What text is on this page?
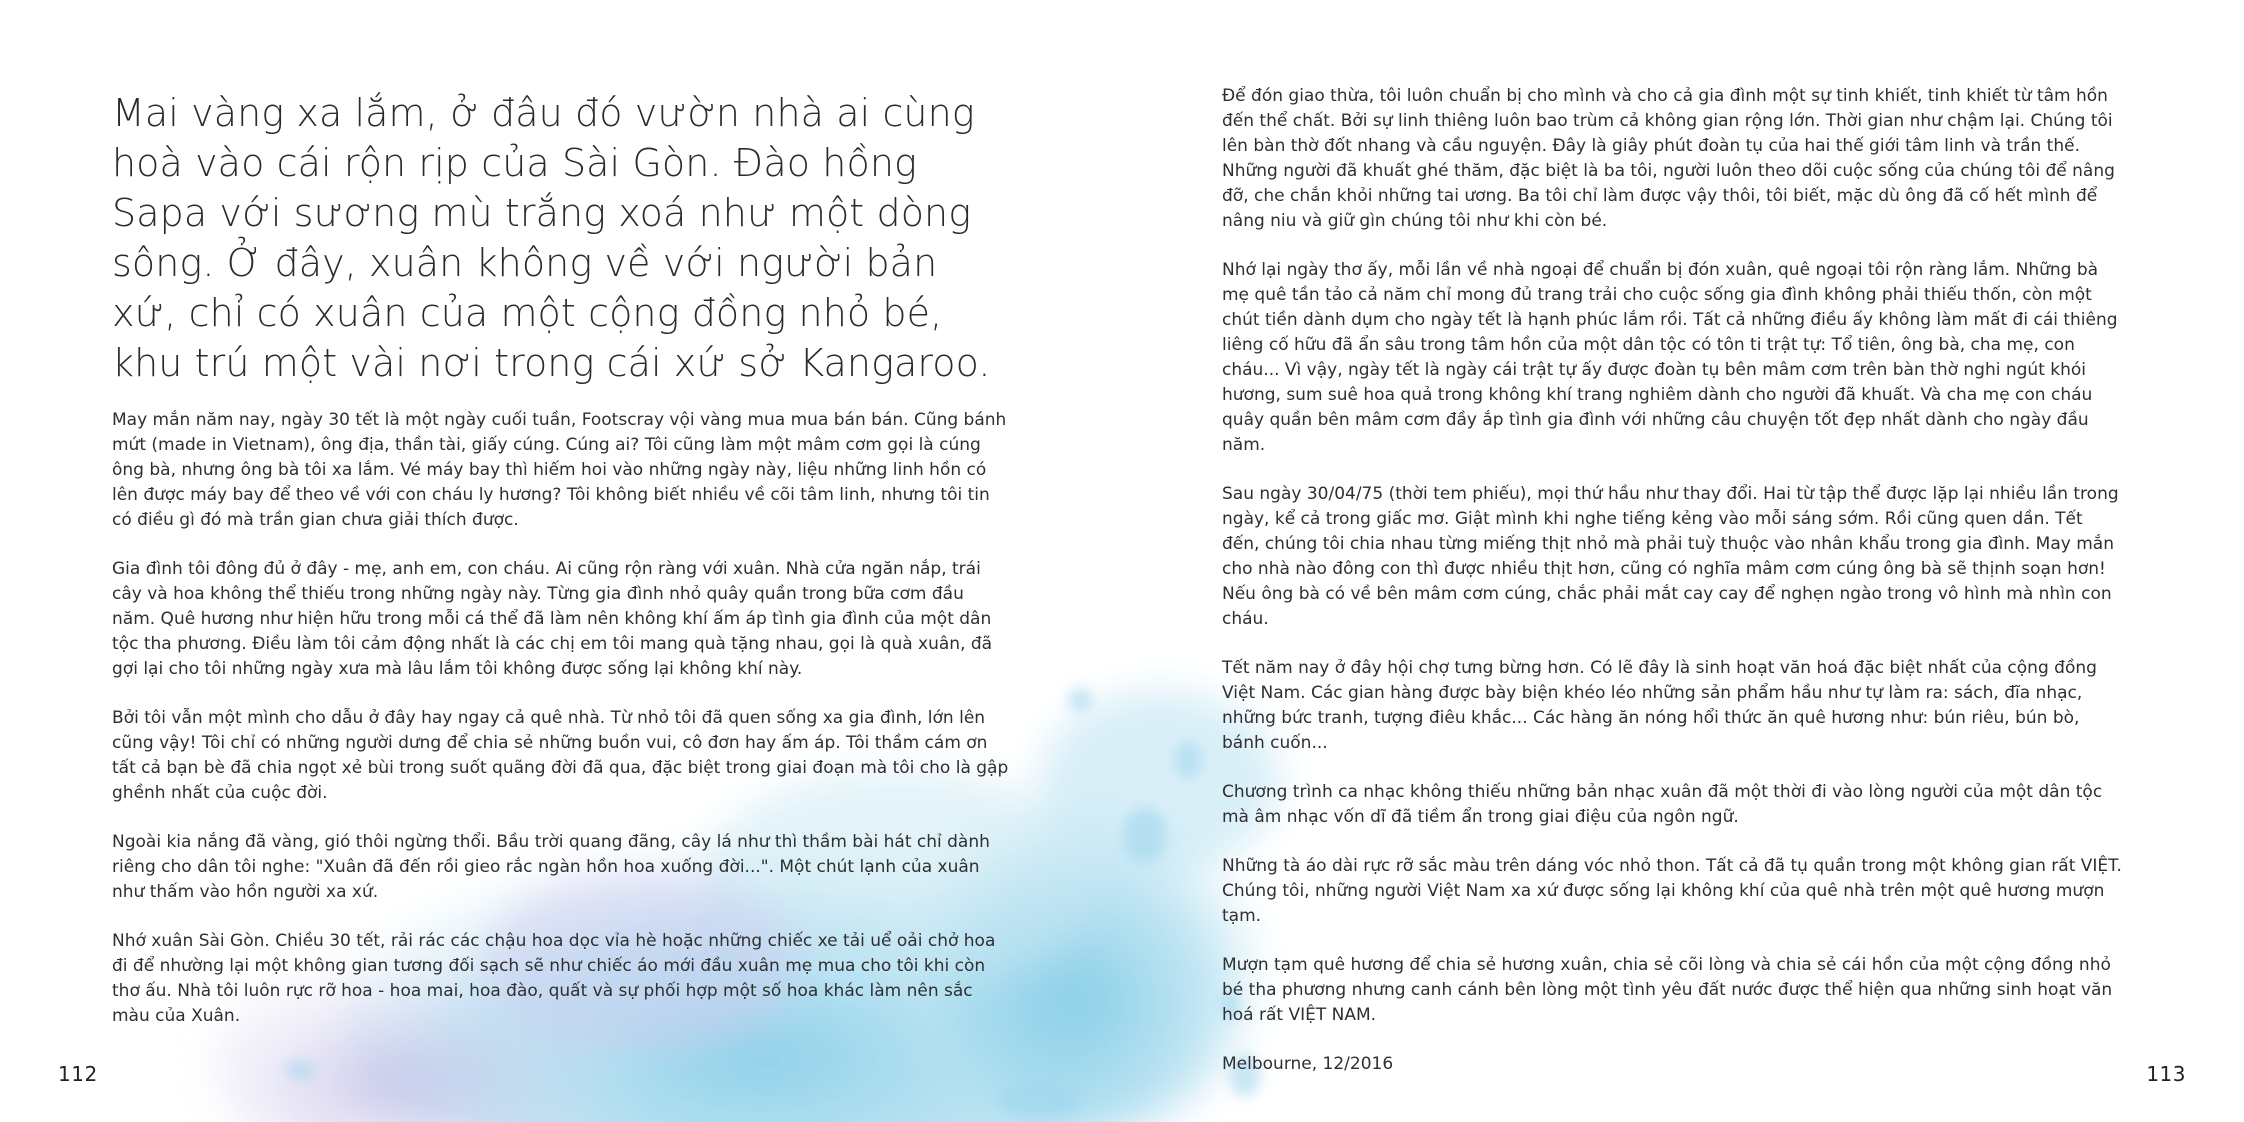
Mai vàng xa lắm, ở đâu đó vườn nhà ai cùng hoà vào cái rộn rịp của Sài Gòn. Đào hồng Sapa với sương mù trắng xoá như một dòng sông. Ở đây, xuân không về với người bản xứ, chỉ có xuân của một cộng đồng nhỏ bé, khu trú một vài nơi trong cái xứ sở Kangaroo.

May mắn năm nay, ngày 30 tết là một ngày cuối tuần, Footscray vội vàng mua mua bán bán. Cũng bánh mứt (made in Vietnam), ông địa, thần tài, giấy cúng. Cúng ai? Tôi cũng làm một mâm cơm gọi là cúng ông bà, nhưng ông bà tôi xa lắm. Vé máy bay thì hiếm hoi vào những ngày này, liệu những linh hồn có lên được máy bay để theo về với con cháu ly hương? Tôi không biết nhiều về cõi tâm linh, nhưng tôi tin có điều gì đó mà trần gian chưa giải thích được.

Gia đình tôi đông đủ ở đây - mẹ, anh em, con cháu. Ai cũng rộn ràng với xuân. Nhà cửa ngăn nắp, trái cây và hoa không thể thiếu trong những ngày này. Từng gia đình nhỏ quây quần trong bữa cơm đầu năm. Quê hương như hiện hữu trong mỗi cá thể đã làm nên không khí ấm áp tình gia đình của một dân tộc tha phương. Điều làm tôi cảm động nhất là các chị em tôi mang quà tặng nhau, gọi là quà xuân, đã gợi lại cho tôi những ngày xưa mà lâu lắm tôi không được sống lại không khí này.

Bởi tôi vẫn một mình cho dẫu ở đây hay ngay cả quê nhà. Từ nhỏ tôi đã quen sống xa gia đình, lớn lên cũng vậy! Tôi chỉ có những người dưng để chia sẻ những buồn vui, cô đơn hay ấm áp. Tôi thầm cám ơn tất cả bạn bè đã chia ngọt xẻ bùi trong suốt quãng đời đã qua, đặc biệt trong giai đoạn mà tôi cho là gập ghềnh nhất của cuộc đời.

Ngoài kia nắng đã vàng, gió thôi ngừng thổi. Bầu trời quang đãng, cây lá như thì thầm bài hát chỉ dành riêng cho dân tôi nghe: "Xuân đã đến rồi gieo rắc ngàn hồn hoa xuống đời...". Một chút lạnh của xuân như thấm vào hồn người xa xứ.

Nhớ xuân Sài Gòn. Chiều 30 tết, rải rác các chậu hoa dọc vỉa hè hoặc những chiếc xe tải uể oải chở hoa đi để nhường lại một không gian tương đối sạch sẽ như chiếc áo mới đầu xuân mẹ mua cho tôi khi còn thơ ấu. Nhà tôi luôn rực rỡ hoa - hoa mai, hoa đào, quất và sự phối hợp một số hoa khác làm nên sắc màu của Xuân.

Để đón giao thừa, tôi luôn chuẩn bị cho mình và cho cả gia đình một sự tinh khiết, tinh khiết từ tâm hồn đến thể chất. Bởi sự linh thiêng luôn bao trùm cả không gian rộng lớn. Thời gian như chậm lại. Chúng tôi lên bàn thờ đốt nhang và cầu nguyện. Đây là giây phút đoàn tụ của hai thế giới tâm linh và trần thế. Những người đã khuất ghé thăm, đặc biệt là ba tôi, người luôn theo dõi cuộc sống của chúng tôi để nâng đỡ, che chắn khỏi những tai ương. Ba tôi chỉ làm được vậy thôi, tôi biết, mặc dù ông đã cố hết mình để nâng niu và giữ gìn chúng tôi như khi còn bé.

Nhớ lại ngày thơ ấy, mỗi lần về nhà ngoại để chuẩn bị đón xuân, quê ngoại tôi rộn ràng lắm. Những bà mẹ quê tần tảo cả năm chỉ mong đủ trang trải cho cuộc sống gia đình không phải thiếu thốn, còn một chút tiền dành dụm cho ngày tết là hạnh phúc lắm rồi. Tất cả những điều ấy không làm mất đi cái thiêng liêng cố hữu đã ẩn sâu trong tâm hồn của một dân tộc có tôn ti trật tự: Tổ tiên, ông bà, cha mẹ, con cháu... Vì vậy, ngày tết là ngày cái trật tự ấy được đoàn tụ bên mâm cơm trên bàn thờ nghi ngút khói hương, sum suê hoa quả trong không khí trang nghiêm dành cho người đã khuất. Và cha mẹ con cháu quây quần bên mâm cơm đầy ắp tình gia đình với những câu chuyện tốt đẹp nhất dành cho ngày đầu năm.

Sau ngày 30/04/75 (thời tem phiếu), mọi thứ hầu như thay đổi. Hai từ tập thể được lặp lại nhiều lần trong ngày, kể cả trong giấc mơ. Giật mình khi nghe tiếng kẻng vào mỗi sáng sớm. Rồi cũng quen dần. Tết đến, chúng tôi chia nhau từng miếng thịt nhỏ mà phải tuỳ thuộc vào nhân khẩu trong gia đình. May mắn cho nhà nào đông con thì được nhiều thịt hơn, cũng có nghĩa mâm cơm cúng ông bà sẽ thịnh soạn hơn! Nếu ông bà có về bên mâm cơm cúng, chắc phải mắt cay cay để nghẹn ngào trong vô hình mà nhìn con cháu.

Tết năm nay ở đây hội chợ tưng bừng hơn. Có lẽ đây là sinh hoạt văn hoá đặc biệt nhất của cộng đồng Việt Nam. Các gian hàng được bày biện khéo léo những sản phẩm hầu như tự làm ra: sách, đĩa nhạc, những bức tranh, tượng điêu khắc... Các hàng ăn nóng hổi thức ăn quê hương như: bún riêu, bún bò, bánh cuốn...

Chương trình ca nhạc không thiếu những bản nhạc xuân đã một thời đi vào lòng người của một dân tộc mà âm nhạc vốn dĩ đã tiềm ẩn trong giai điệu của ngôn ngữ.

Những tà áo dài rực rỡ sắc màu trên dáng vóc nhỏ thon. Tất cả đã tụ quần trong một không gian rất VIỆT. Chúng tôi, những người Việt Nam xa xứ được sống lại không khí của quê nhà trên một quê hương mượn tạm.

Mượn tạm quê hương để chia sẻ hương xuân, chia sẻ cõi lòng và chia sẻ cái hồn của một cộng đồng nhỏ bé tha phương nhưng canh cánh bên lòng một tình yêu đất nước được thể hiện qua những sinh hoạt văn hoá rất VIỆT NAM.

Melbourne, 12/2016
112	113
